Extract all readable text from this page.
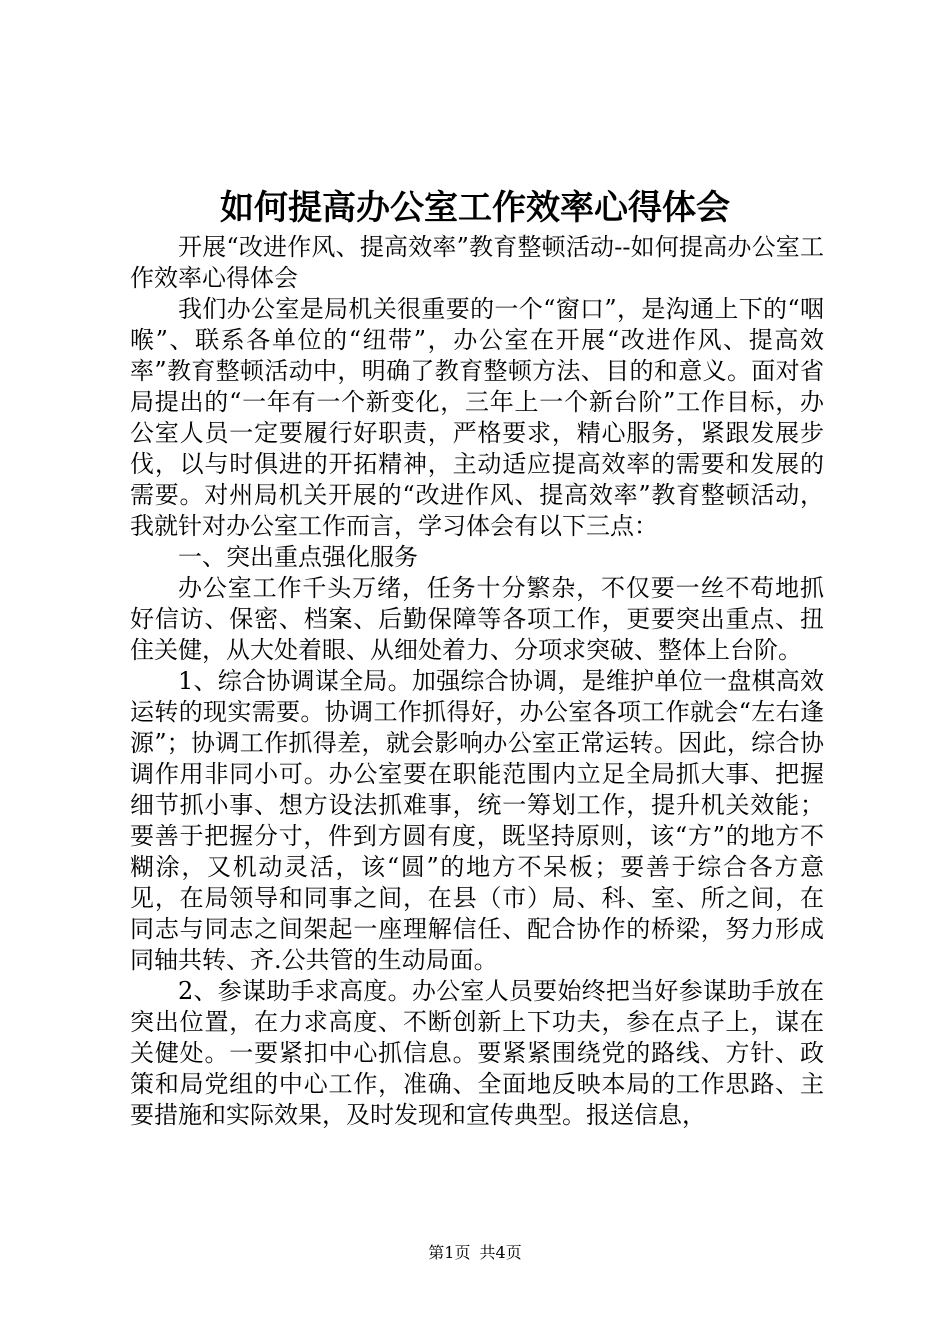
如何提高办公室工作效率心得体会

开展“改进作风、提高效率”教育整顿活动--如何提高办公室工作效率心得体会

我们办公室是局机关很重要的一个“窗口”，是沟通上下的“咽喉”、联系各单位的“纽带”，办公室在开展“改进作风、提高效率”教育整顿活动中，明确了教育整顿方法、目的和意义。面对省局提出的“一年有一个新变化，三年上一个新台阶”工作目标，办公室人员一定要履行好职责，严格要求，精心服务，紧跟发展步伐，以与时俱进的开拓精神，主动适应提高效率的需要和发展的需要。对州局机关开展的“改进作风、提高效率”教育整顿活动，我就针对办公室工作而言，学习体会有以下三点：

一、突出重点强化服务

办公室工作千头万绪，任务十分繁杂，不仅要一丝不苟地抓好信访、保密、档案、后勤保障等各项工作，更要突出重点、扭住关健，从大处着眼、从细处着力、分项求突破、整体上台阶。

1、综合协调谋全局。加强综合协调，是维护单位一盘棋高效运转的现实需要。协调工作抓得好，办公室各项工作就会“左右逢源”；协调工作抓得差，就会影响办公室正常运转。因此，综合协调作用非同小可。办公室要在职能范围内立足全局抓大事、把握细节抓小事、想方设法抓难事，统一筹划工作，提升机关效能；要善于把握分寸，件到方圆有度，既坚持原则，该“方”的地方不糊涂，又机动灵活，该“圆”的地方不呆板；要善于综合各方意见，在局领导和同事之间，在县（市）局、科、室、所之间，在同志与同志之间架起一座理解信任、配合协作的桥梁，努力形成同轴共转、齐.公共管的生动局面。

2、参谋助手求高度。办公室人员要始终把当好参谋助手放在突出位置，在力求高度、不断创新上下功夫，参在点子上，谋在关健处。一要紧扣中心抓信息。要紧紧围绕党的路线、方针、政策和局党组的中心工作，准确、全面地反映本局的工作思路、主要措施和实际效果，及时发现和宣传典型。报送信息，

第1页 共4页
